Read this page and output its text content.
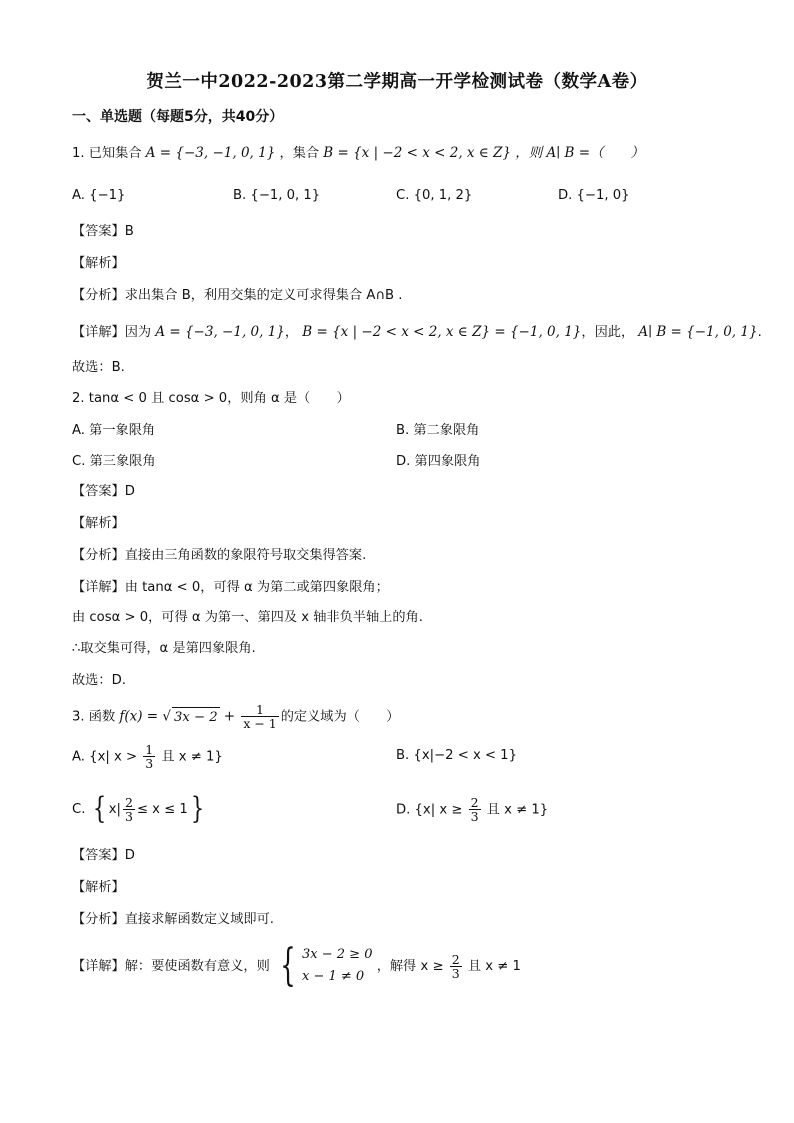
贺兰一中2022-2023第二学期高一开学检测试卷（数学A卷）
一、单选题（每题5分，共40分）
1. 已知集合 A = {−3, −1, 0, 1} ，集合 B = {x | −2 < x < 2, x ∈ Z} ，则 A∣ B =（　　）
A. {−1}	B. {−1, 0, 1}	C. {0, 1, 2}	D. {−1, 0}
【答案】B
【解析】
【分析】求出集合 B，利用交集的定义可求得集合 A∩B .
【详解】因为 A = {−3, −1, 0, 1}， B = {x | −2 < x < 2, x ∈ Z} = {−1, 0, 1}，因此， A∣ B = {−1, 0, 1}.
故选：B.
2. tanα < 0 且 cosα > 0，则角 α 是（　　）
A. 第一象限角	B. 第二象限角
C. 第三象限角	D. 第四象限角
【答案】D
【解析】
【分析】直接由三角函数的象限符号取交集得答案.
【详解】由 tanα < 0，可得 α 为第二或第四象限角；
由 cosα > 0，可得 α 为第一、第四及 x 轴非负半轴上的角.
∴取交集可得，α 是第四象限角.
故选：D.
3. 函数 f(x) = √ $3x - 2 + \frac{1}{x - 1}$ 的定义域为（　　）
A. {x| $x > \frac{1}{3}$ 且 x ≠ 1}	B. {x|−2 < x < 1}
C. { $x| \frac{2}{3} \le x \le 1$}	D. {x| $x \ge \frac{2}{3}$ 且 x ≠ 1}
【答案】D
【解析】
【分析】直接求解函数定义域即可.
【详解】解：要使函数有意义，则 { 3x − 2 ≥ 0
x − 1 ≠ 0
，解得 $x \ge \frac{2}{3}$ 且 x ≠ 1
